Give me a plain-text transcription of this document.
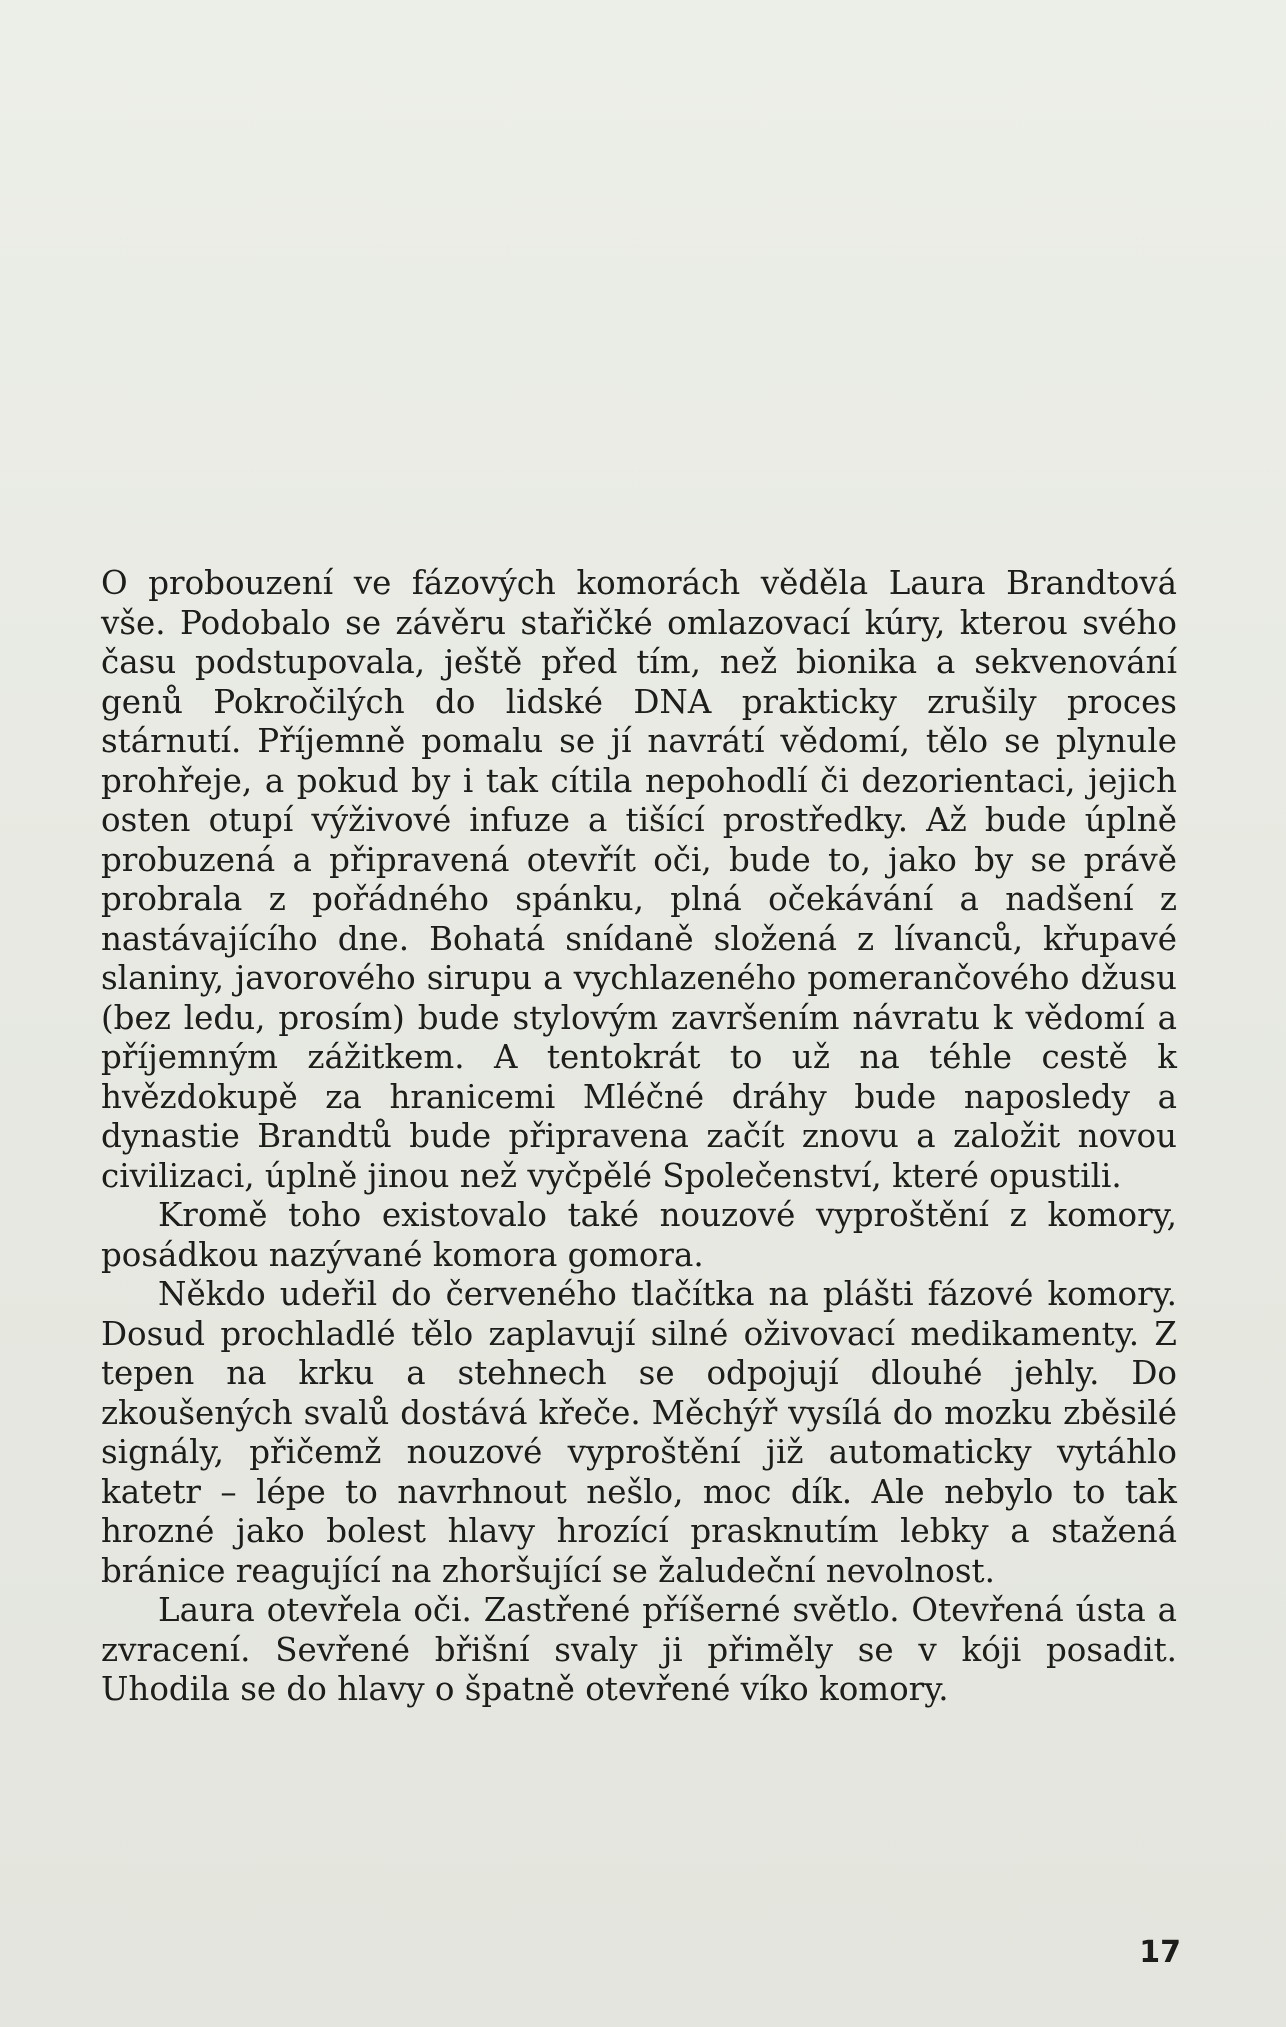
O probouzení ve fázových komorách věděla Laura Brandtová vše. Podobalo se závěru stařičké omlazovací kúry, kterou svého času podstupovala, ještě před tím, než bionika a sekvenování genů Pokročilých do lidské DNA prakticky zrušily proces stárnutí. Příjemně pomalu se jí navrátí vědomí, tělo se plynule prohřeje, a pokud by i tak cítila nepohodlí či dezorientaci, jejich osten otupí výživové infuze a tišící prostředky. Až bude úplně probuzená a připravená otevřít oči, bude to, jako by se právě probrala z pořádného spánku, plná očekávání a nadšení z nastávajícího dne. Bohatá snídaně složená z lívanců, křupavé slaniny, javorového sirupu a vychlazeného pomerančového džusu (bez ledu, prosím) bude stylovým završením návratu k vědomí a příjemným zážitkem. A tentokrát to už na téhle cestě k hvězdokupě za hranicemi Mléčné dráhy bude naposledy a dynastie Brandtů bude připravena začít znovu a založit novou civilizaci, úplně jinou než vyčpělé Společenství, které opustili.

Kromě toho existovalo také nouzové vyproštění z komory, posádkou nazývané komora gomora.

Někdo udeřil do červeného tlačítka na plášti fázové komory. Dosud prochladlé tělo zaplavují silné oživovací medikamenty. Z tepen na krku a stehnech se odpojují dlouhé jehly. Do zkoušených svalů dostává křeče. Měchýř vysílá do mozku zběsilé signály, přičemž nouzové vyproštění již automaticky vytáhlo katetr – lépe to navrhnout nešlo, moc dík. Ale nebylo to tak hrozné jako bolest hlavy hrozící prasknutím lebky a stažená bránice reagující na zhoršující se žaludeční nevolnost.

Laura otevřela oči. Zastřené příšerné světlo. Otevřená ústa a zvracení. Sevřené břišní svaly ji přiměly se v kóji posadit. Uhodila se do hlavy o špatně otevřené víko komory.

17
